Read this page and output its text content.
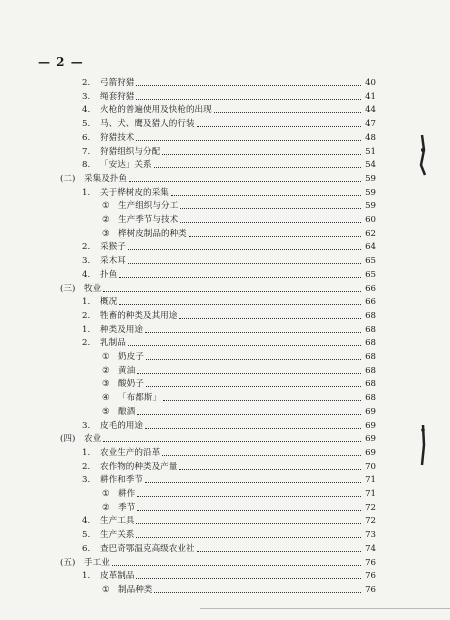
— 2 —
2.	弓箭狩猎	40
3.	绳套狩猎	41
4.	火枪的普遍使用及快枪的出现	44
5.	马、犬、鹰及猎人的行装	47
6.	狩猎技术	48
7.	狩猎组织与分配	51
8.	「安达」关系	54
(二)	采集及扑鱼	59
1.	关于桦树皮的采集	59
① 生产组织与分工	59
② 生产季节与技术	60
③ 桦树皮制品的种类	62
2.	采猴子	64
3.	采木耳	65
4.	扑鱼	65
(三)	牧业	66
1.	概况	66
2.	牲畜的种类及其用途	68
1.	种类及用途	68
2.	乳制品	68
① 奶皮子	68
② 黄油	68
③ 酸奶子	68
④ 「布都斯」	68
⑤ 酿酒	69
3.	皮毛的用途	69
(四)	农业	69
1.	农业生产的沿革	69
2.	农作物的种类及产量	70
3.	耕作和季节	71
① 耕作	71
② 季节	72
4.	生产工具	72
5.	生产关系	73
6.	查巴奇鄂温克高级农业社	74
(五)	手工业	76
1.	皮革制品	76
① 制品种类	76
